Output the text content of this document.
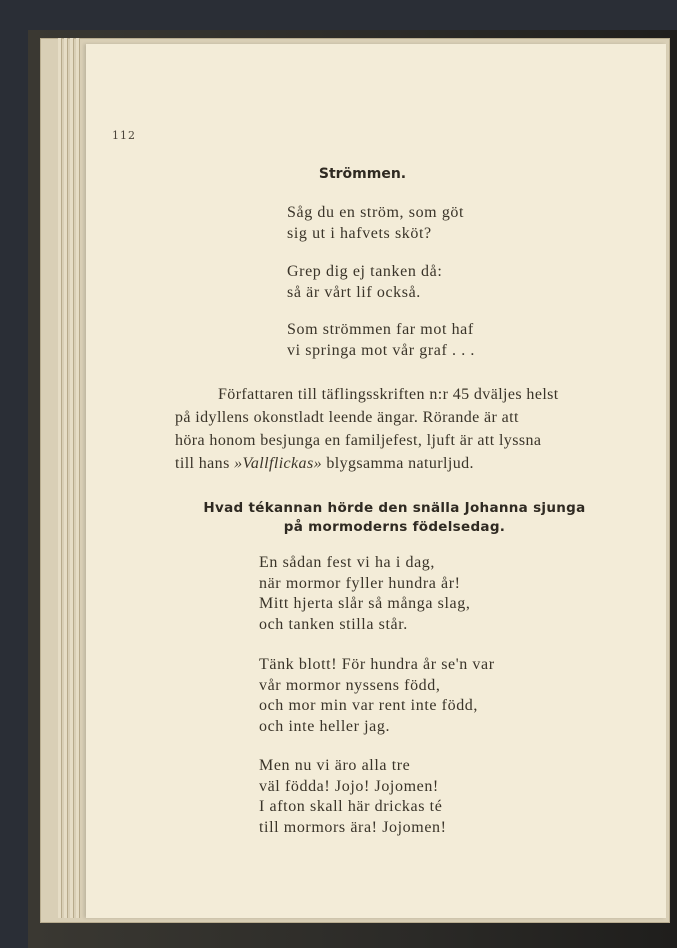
112
Strömmen.
Såg du en ström, som göt
sig ut i hafvets sköt?
Grep dig ej tanken då:
så är vårt lif också.
Som strömmen far mot haf
vi springa mot vår graf . . .
Författaren till täflingsskriften n:r 45 dväljes helst
på idyllens okonstladt leende ängar. Rörande är att
höra honom besjunga en familjefest, ljuft är att lyssna
till hans »Vallflickas» blygsamma naturljud.
Hvad tékannan hörde den snälla Johanna sjunga
på mormoderns födelsedag.
En sådan fest vi ha i dag,
när mormor fyller hundra år!
Mitt hjerta slår så många slag,
och tanken stilla står.
Tänk blott! För hundra år se'n var
vår mormor nyssens född,
och mor min var rent inte född,
och inte heller jag.
Men nu vi äro alla tre
väl födda! Jojo! Jojomen!
I afton skall här drickas té
till mormors ära! Jojomen!
